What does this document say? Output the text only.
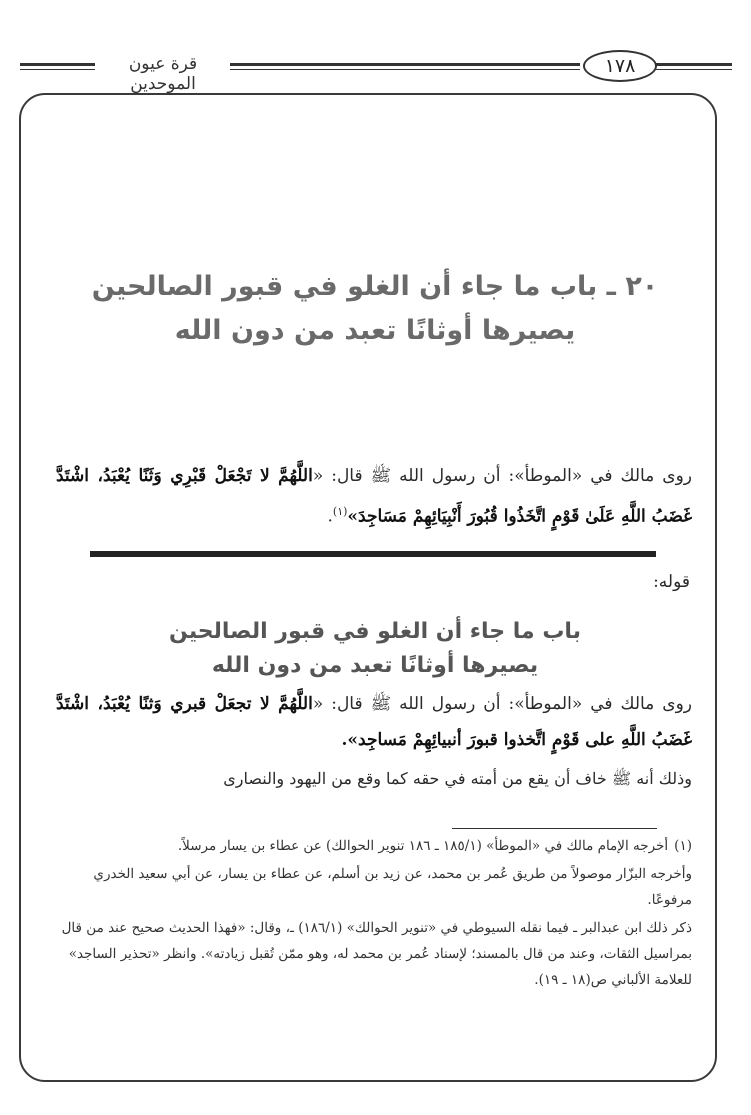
قرة عيون الموحدين
١٧٨
٢٠ ـ باب ما جاء أن الغلو في قبور الصالحين
يصيرها أوثانًا تعبد من دون الله
روى مالك في «الموطأ»: أن رسول الله ﷺ قال: «اللَّهُمَّ لا تَجْعَلْ قَبْرِي وَثَنًا يُعْبَدُ، اشْتَدَّ غَضَبُ اللَّهِ عَلَىٰ قَوْمٍ اتَّخَذُوا قُبُورَ أَنْبِيَائِهِمْ مَسَاجِدَ»$^{(١)}$.
قوله:
باب ما جاء أن الغلو في قبور الصالحين
يصيرها أوثانًا تعبد من دون الله
روى مالك في «الموطأ»: أن رسول الله ﷺ قال: «اللَّهُمَّ لا تجعَلْ قبري وَثنًا يُعْبَدُ، اشْتَدَّ غَضَبُ اللَّهِ على قَوْمٍ اتَّخذوا قبورَ أنبيائِهِمْ مَساجِد».
وذلك أنه ﷺ خاف أن يقع من أمته في حقه كما وقع من اليهود والنصارى

(١)أخرجه الإمام مالك في «الموطأ» (١٨٥/١ ـ ١٨٦ تنوير الحوالك) عن عطاء بن يسار مرسلاً.

وأخرجه البزّار موصولاً من طريق عُمر بن محمد، عن زيد بن أسلم، عن عطاء بن يسار، عن أبي سعيد الخدري مرفوعًا.

ذكر ذلك ابن عبدالبر ـ فيما نقله السيوطي في «تنوير الحوالك» (١٨٦/١) ـ، وقال: «فهذا الحديث صحيح عند من قال بمراسيل الثقات، وعند من قال بالمسند؛ لإسناد عُمر بن محمد له، وهو ممّن تُقبل زيادته». وانظر «تحذير الساجد» للعلامة الألباني ص(١٨ ـ ١٩).
